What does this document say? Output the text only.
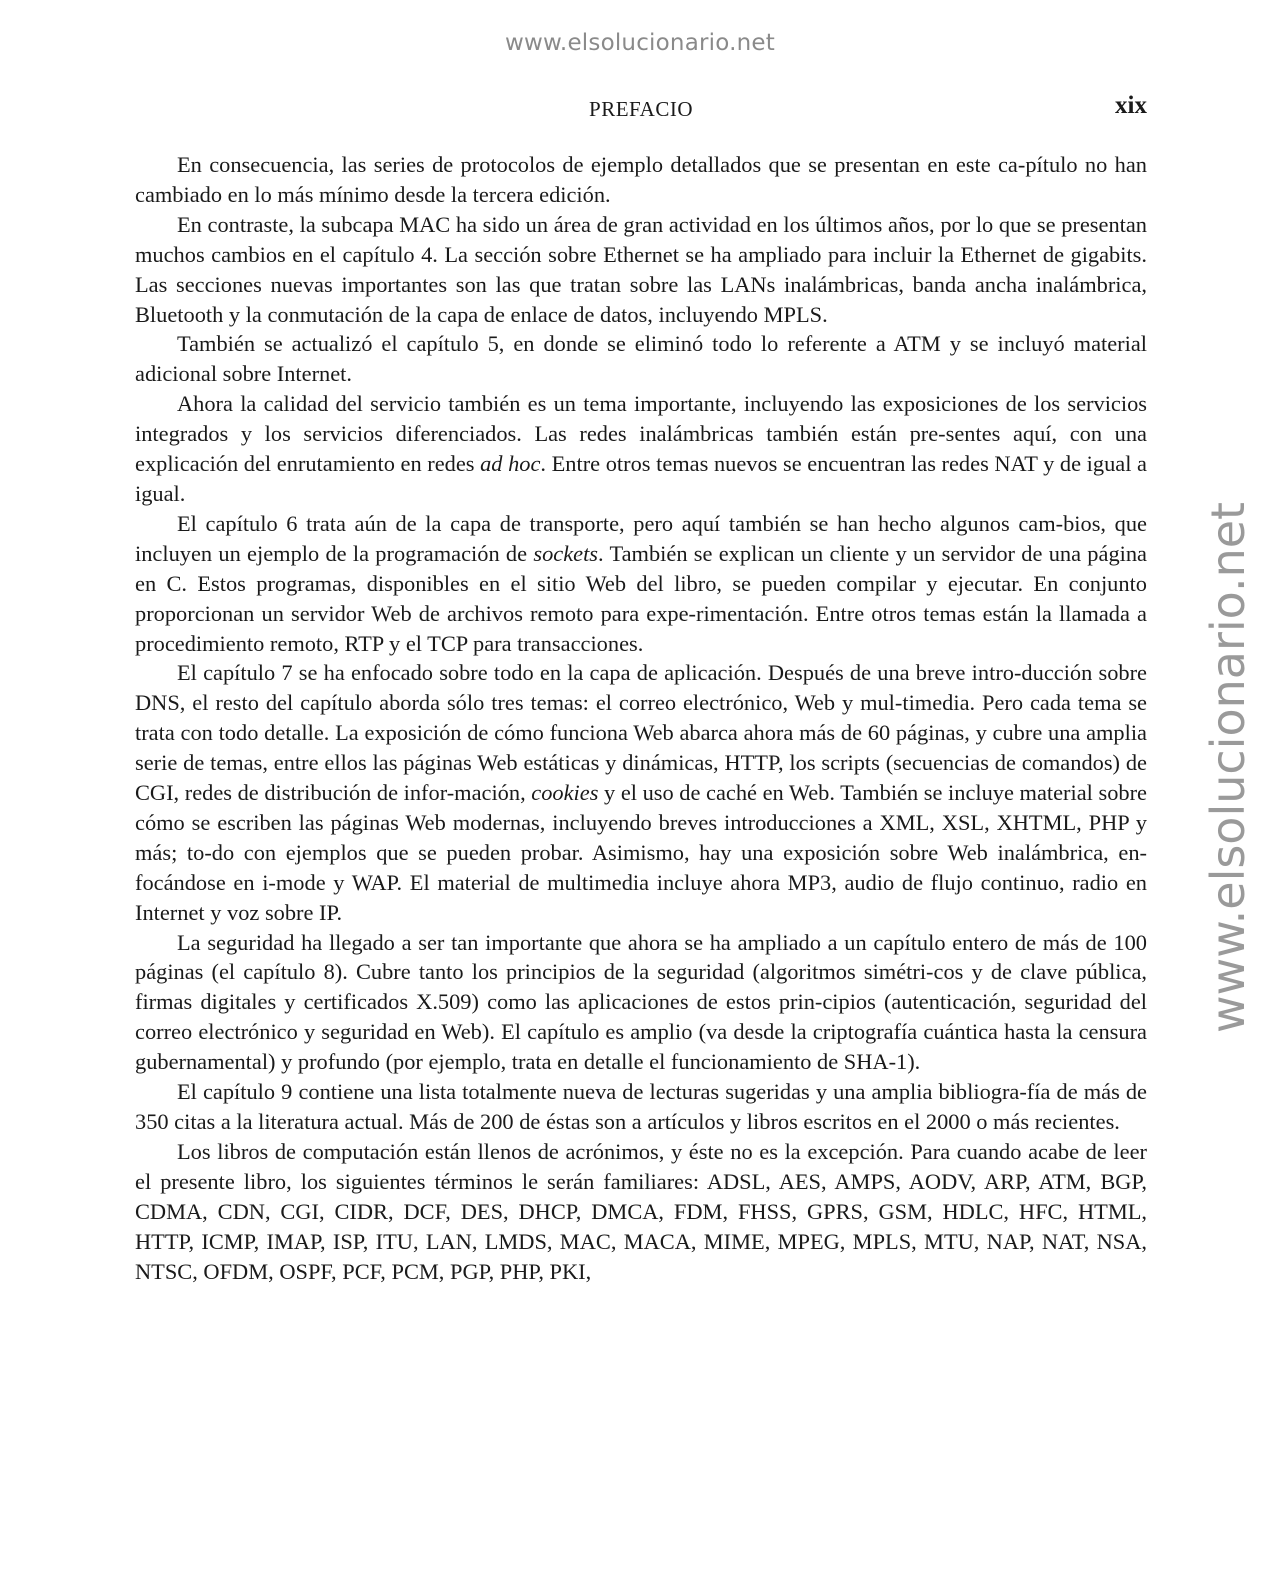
www.elsolucionario.net
www.elsolucionario.net
PREFACIO	xix

En consecuencia, las series de protocolos de ejemplo detallados que se presentan en este ca-pítulo no han cambiado en lo más mínimo desde la tercera edición.

En contraste, la subcapa MAC ha sido un área de gran actividad en los últimos años, por lo que se presentan muchos cambios en el capítulo 4. La sección sobre Ethernet se ha ampliado para incluir la Ethernet de gigabits. Las secciones nuevas importantes son las que tratan sobre las LANs inalámbricas, banda ancha inalámbrica, Bluetooth y la conmutación de la capa de enlace de datos, incluyendo MPLS.

También se actualizó el capítulo 5, en donde se eliminó todo lo referente a ATM y se incluyó material adicional sobre Internet.

Ahora la calidad del servicio también es un tema importante, incluyendo las exposiciones de los servicios integrados y los servicios diferenciados. Las redes inalámbricas también están pre-sentes aquí, con una explicación del enrutamiento en redes ad hoc. Entre otros temas nuevos se encuentran las redes NAT y de igual a igual.

El capítulo 6 trata aún de la capa de transporte, pero aquí también se han hecho algunos cam-bios, que incluyen un ejemplo de la programación de sockets. También se explican un cliente y un servidor de una página en C. Estos programas, disponibles en el sitio Web del libro, se pueden compilar y ejecutar. En conjunto proporcionan un servidor Web de archivos remoto para expe-rimentación. Entre otros temas están la llamada a procedimiento remoto, RTP y el TCP para transacciones.

El capítulo 7 se ha enfocado sobre todo en la capa de aplicación. Después de una breve intro-ducción sobre DNS, el resto del capítulo aborda sólo tres temas: el correo electrónico, Web y mul-timedia. Pero cada tema se trata con todo detalle. La exposición de cómo funciona Web abarca ahora más de 60 páginas, y cubre una amplia serie de temas, entre ellos las páginas Web estáticas y dinámicas, HTTP, los scripts (secuencias de comandos) de CGI, redes de distribución de infor-mación, cookies y el uso de caché en Web. También se incluye material sobre cómo se escriben las páginas Web modernas, incluyendo breves introducciones a XML, XSL, XHTML, PHP y más; to-do con ejemplos que se pueden probar. Asimismo, hay una exposición sobre Web inalámbrica, en-focándose en i-mode y WAP. El material de multimedia incluye ahora MP3, audio de flujo continuo, radio en Internet y voz sobre IP.

La seguridad ha llegado a ser tan importante que ahora se ha ampliado a un capítulo entero de más de 100 páginas (el capítulo 8). Cubre tanto los principios de la seguridad (algoritmos simétri-cos y de clave pública, firmas digitales y certificados X.509) como las aplicaciones de estos prin-cipios (autenticación, seguridad del correo electrónico y seguridad en Web). El capítulo es amplio (va desde la criptografía cuántica hasta la censura gubernamental) y profundo (por ejemplo, trata en detalle el funcionamiento de SHA-1).

El capítulo 9 contiene una lista totalmente nueva de lecturas sugeridas y una amplia bibliogra-fía de más de 350 citas a la literatura actual. Más de 200 de éstas son a artículos y libros escritos en el 2000 o más recientes.

Los libros de computación están llenos de acrónimos, y éste no es la excepción. Para cuando acabe de leer el presente libro, los siguientes términos le serán familiares: ADSL, AES, AMPS, AODV, ARP, ATM, BGP, CDMA, CDN, CGI, CIDR, DCF, DES, DHCP, DMCA, FDM, FHSS, GPRS, GSM, HDLC, HFC, HTML, HTTP, ICMP, IMAP, ISP, ITU, LAN, LMDS, MAC, MACA, MIME, MPEG, MPLS, MTU, NAP, NAT, NSA, NTSC, OFDM, OSPF, PCF, PCM, PGP, PHP, PKI,
